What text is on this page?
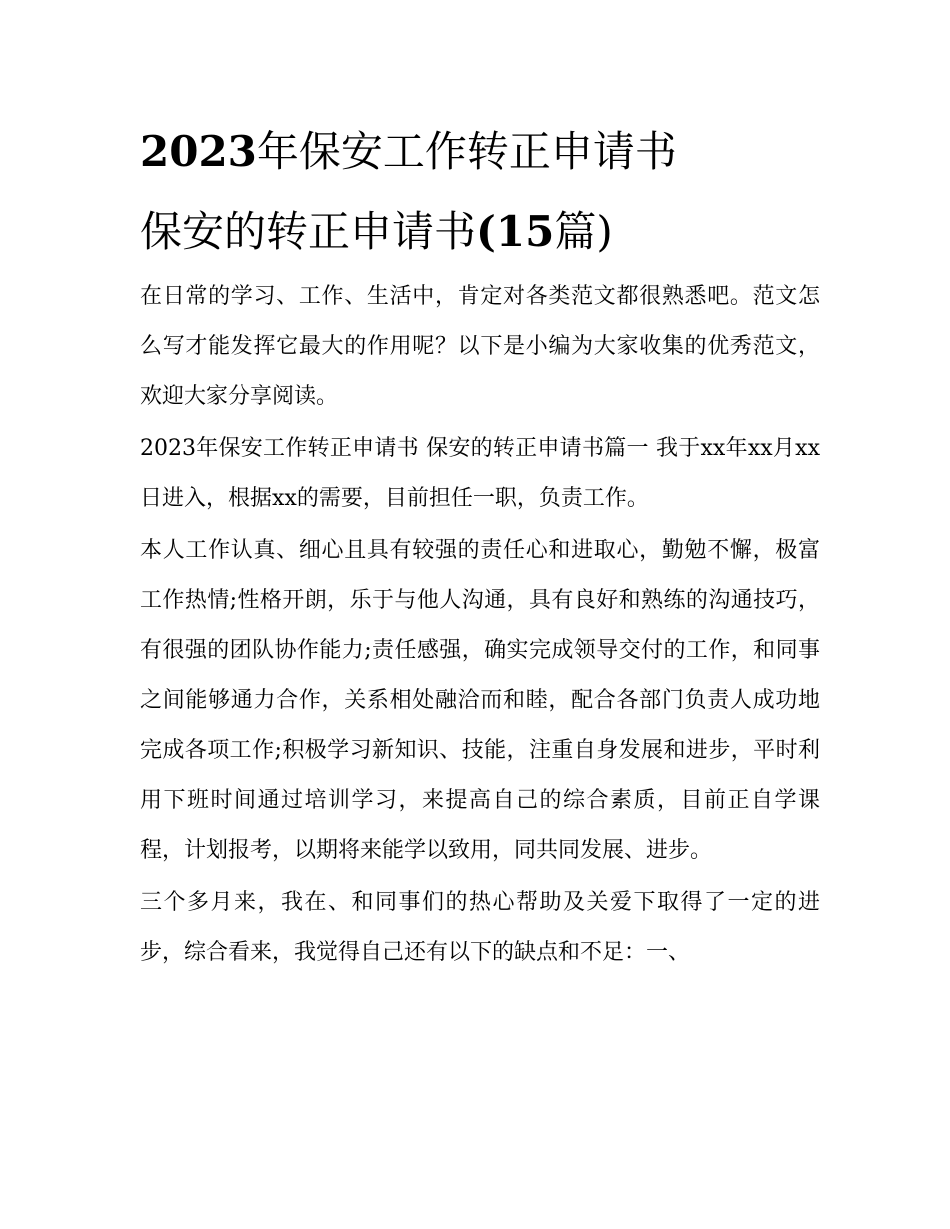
2023年保安工作转正申请书
保安的转正申请书(15篇)

在日常的学习、工作、生活中，肯定对各类范文都很熟悉吧。范文怎么写才能发挥它最大的作用呢？以下是小编为大家收集的优秀范文，欢迎大家分享阅读。

2023年保安工作转正申请书 保安的转正申请书篇一 我于xx年xx月xx日进入，根据xx的需要，目前担任一职，负责工作。

本人工作认真、细心且具有较强的责任心和进取心，勤勉不懈，极富工作热情;性格开朗，乐于与他人沟通，具有良好和熟练的沟通技巧，有很强的团队协作能力;责任感强，确实完成领导交付的工作，和同事之间能够通力合作，关系相处融洽而和睦，配合各部门负责人成功地完成各项工作;积极学习新知识、技能，注重自身发展和进步，平时利用下班时间通过培训学习，来提高自己的综合素质，目前正自学课程，计划报考，以期将来能学以致用，同共同发展、进步。

三个多月来，我在、和同事们的热心帮助及关爱下取得了一定的进步，综合看来，我觉得自己还有以下的缺点和不足：一、
